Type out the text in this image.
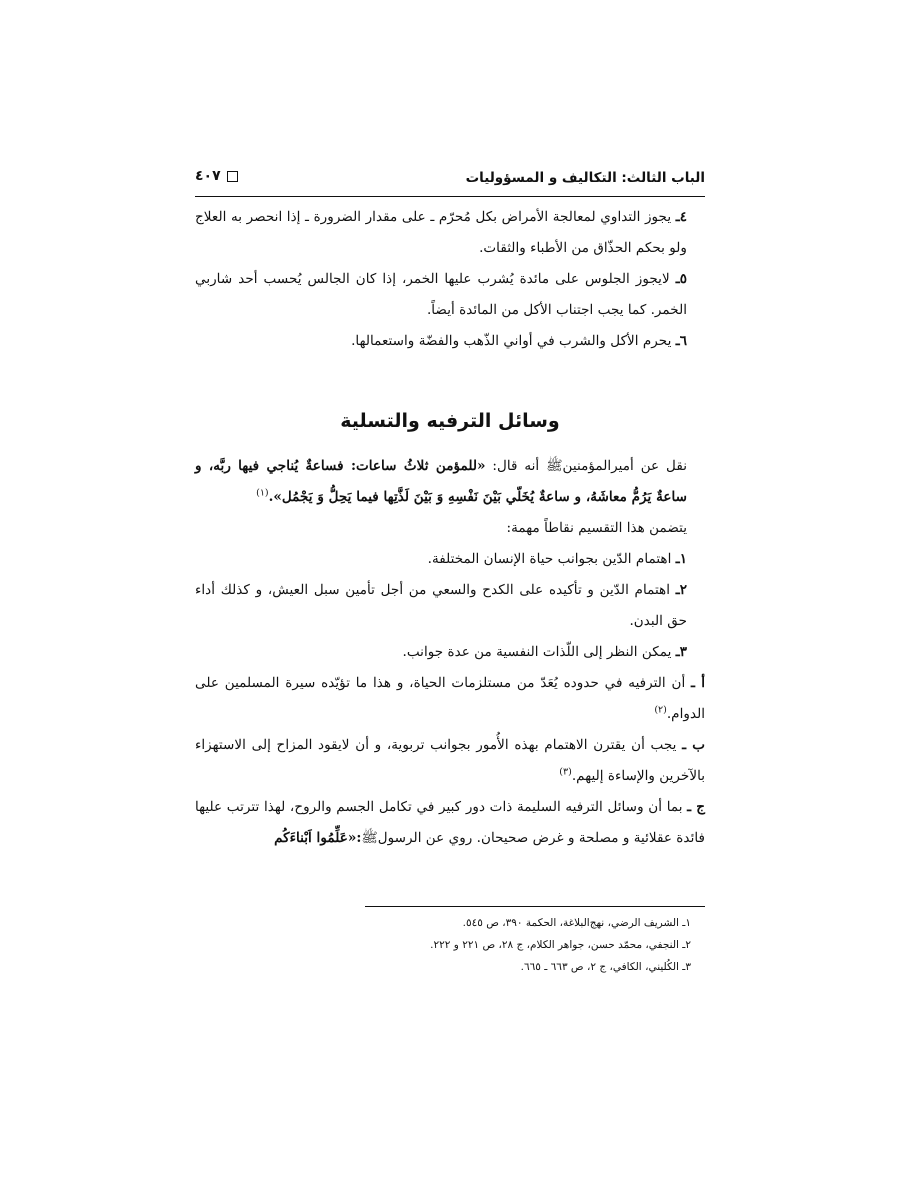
الباب الثالث: التكاليف و المسؤوليات
٤٠٧

٤ـ يجوز التداوي لمعالجة الأمراض بكل مُحرّم ـ على مقدار الضرورة ـ إذا انحصر به العلاج ولو بحكم الحذّاق من الأطباء والثقات.

٥ـ لايجوز الجلوس على مائدة يُشرب عليها الخمر، إذا كان الجالس يُحسب أحد شاربي الخمر. كما يجب اجتناب الأكل من المائدة أيضاً.

٦ـ يحرم الأكل والشرب في أواني الذّهب والفضّة واستعمالها.

وسائل الترفيه والتسلية

نقل عن أميرالمؤمنينﷺ أنه قال: «للمؤمن ثلاثُ ساعات: فساعةٌ يُناجي فيها ربَّه، و ساعةٌ يَرُمُّ معاشَهُ، و ساعةٌ يُخَلّي بَيْنَ نَفْسِهِ وَ بَيْنَ لَذَّتِها فيما يَحِلُّ وَ يَجْمُل».$^{(١)}$

يتضمن هذا التقسيم نقاطاً مهمة:

١ـ اهتمام الدّين بجوانب حياة الإنسان المختلفة.

٢ـ اهتمام الدّين و تأكيده على الكدح والسعي من أجل تأمين سبل العيش، و كذلك أداء حق البدن.

٣ـ يمكن النظر إلى اللّذات النفسية من عدة جوانب.

أ ـ أن الترفيه في حدوده يُعَدّ من مستلزمات الحياة، و هذا ما تؤيّده سيرة المسلمين على الدوام.$^{(٢)}$

ب ـ يجب أن يقترن الاهتمام بهذه الأُمور بجوانب تربوية، و أن لايقود المزاح إلى الاستهزاء بالآخرين والإساءة إليهم.$^{(٣)}$

ج ـ بما أن وسائل الترفيه السليمة ذات دور كبير في تكامل الجسم والروح، لهذا تترتب عليها فائدة عقلائية و مصلحة و غرض صحيحان. روي عن الرسولﷺ:«عَلِّمُوا اَبْناءَكُم

١ـ الشريف الرضي، نهج‌البلاغة، الحكمة ٣٩٠، ص ٥٤٥.

٢ـ النجفي، محمّد حسن، جواهر الكلام، ج ٢٨، ص ٢٢١ و ٢٢٢.

٣ـ الكُليني، الكافي، ج ٢، ص ٦٦٣ ـ ٦٦٥.
